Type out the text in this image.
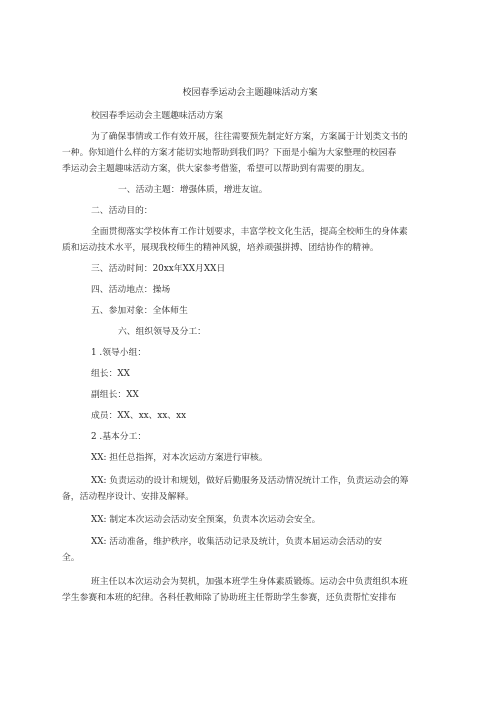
校园春季运动会主题趣味活动方案
校园春季运动会主题趣味活动方案
为了确保事情或工作有效开展，往往需要预先制定好方案，方案属于计划类文书的
一种。你知道什么样的方案才能切实地帮助到我们吗？下面是小编为大家整理的校园春
季运动会主题趣味活动方案，供大家参考借鉴，希望可以帮助到有需要的朋友。
一、活动主题：增强体质，增进友谊。
二、活动目的：
全面贯彻落实学校体育工作计划要求，丰富学校文化生活，提高全校师生的身体素
质和运动技术水平，展现我校师生的精神风貌，培养顽强拼搏、团结协作的精神。
三、活动时间：20xx年XX月XX日
四、活动地点：操场
五、参加对象：全体师生
六、组织领导及分工：
1 .领导小组：
组长：XX
副组长：XX
成员：XX、xx、xx、xx
2 .基本分工：
XX: 担任总指挥，对本次运动方案进行审核。
XX: 负责运动的设计和规划，做好后勤服务及活动情况统计工作，负责运动会的筹
备，活动程序设计、安排及解释。
XX: 制定本次运动会活动安全预案，负责本次运动会安全。
XX: 活动准备，维护秩序，收集活动记录及统计，负责本届运动会活动的安
全。
班主任以本次运动会为契机，加强本班学生身体素质锻炼。运动会中负责组织本班
学生参赛和本班的纪律。各科任教师除了协助班主任帮助学生参赛，还负责帮忙安排布
